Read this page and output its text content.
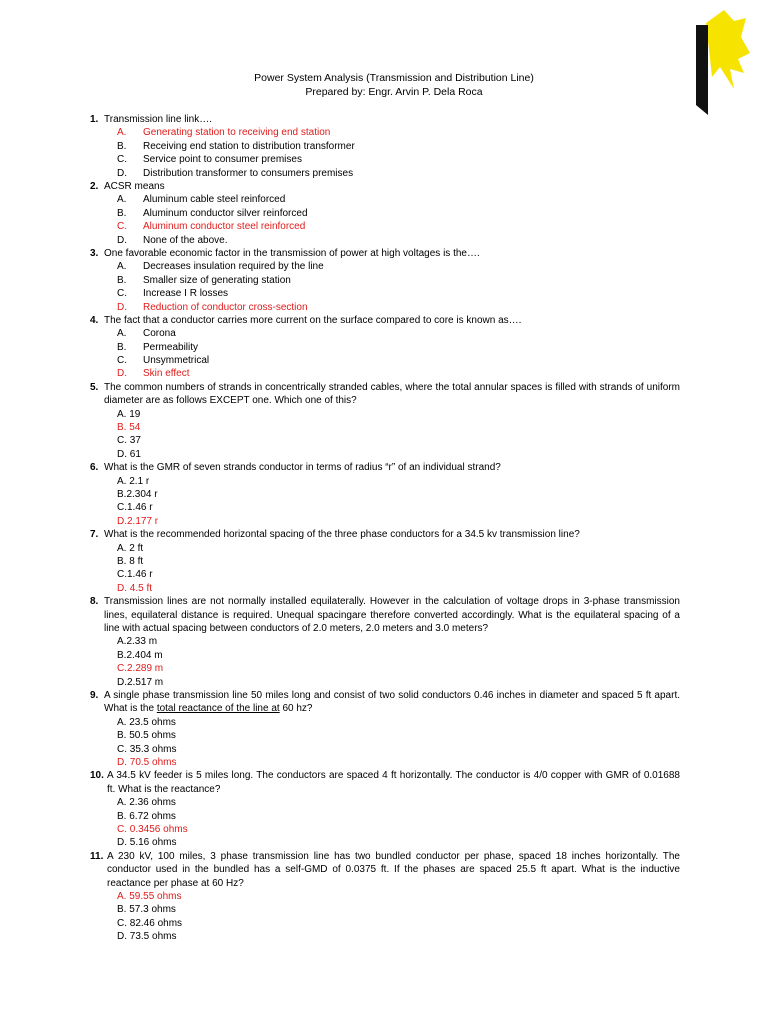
Power System Analysis (Transmission and Distribution Line)
Prepared by: Engr. Arvin P. Dela Roca
1. Transmission line link….
A. Generating station to receiving end station
B. Receiving end station to distribution transformer
C. Service point to consumer premises
D. Distribution transformer to consumers premises
2. ACSR means
A. Aluminum cable steel reinforced
B. Aluminum conductor silver reinforced
C. Aluminum conductor steel reinforced
D. None of the above.
3. One favorable economic factor in the transmission of power at high voltages is the….
A. Decreases insulation required by the line
B. Smaller size of generating station
C. Increase I R losses
D. Reduction of conductor cross-section
4. The fact that a conductor carries more current on the surface compared to core is known as….
A. Corona
B. Permeability
C. Unsymmetrical
D. Skin effect
5. The common numbers of strands in concentrically stranded cables, where the total annular spaces is filled with strands of uniform diameter are as follows EXCEPT one. Which one of this?
A. 19
B. 54
C. 37
D. 61
6. What is the GMR of seven strands conductor in terms of radius “r” of an individual strand?
A. 2.1 r
B.2.304 r
C.1.46 r
D.2.177 r
7. What is the recommended horizontal spacing of the three phase conductors for a 34.5 kv transmission line?
A. 2 ft
B. 8 ft
C.1.46 r
D. 4.5 ft
8. Transmission lines are not normally installed equilaterally. However in the calculation of voltage drops in 3-phase transmission lines, equilateral distance is required. Unequal spacingare therefore converted accordingly. What is the equilateral spacing of a line with actual spacing between conductors of 2.0 meters, 2.0 meters and 3.0 meters?
A.2.33 m
B.2.404 m
C.2.289 m
D.2.517 m
9. A single phase transmission line 50 miles long and consist of two solid conductors 0.46 inches in diameter and spaced 5 ft apart. What is the total reactance of the line at 60 hz?
A. 23.5 ohms
B. 50.5 ohms
C. 35.3 ohms
D. 70.5 ohms
10. A 34.5 kV feeder is 5 miles long. The conductors are spaced 4 ft horizontally. The conductor is 4/0 copper with GMR of 0.01688 ft. What is the reactance?
A. 2.36 ohms
B. 6.72 ohms
C. 0.3456 ohms
D. 5.16 ohms
11. A 230 kV, 100 miles, 3 phase transmission line has two bundled conductor per phase, spaced 18 inches horizontally. The conductor used in the bundled has a self-GMD of 0.0375 ft. If the phases are spaced 25.5 ft apart. What is the inductive reactance per phase at 60 Hz?
A. 59.55 ohms
B. 57.3 ohms
C. 82.46 ohms
D. 73.5 ohms
